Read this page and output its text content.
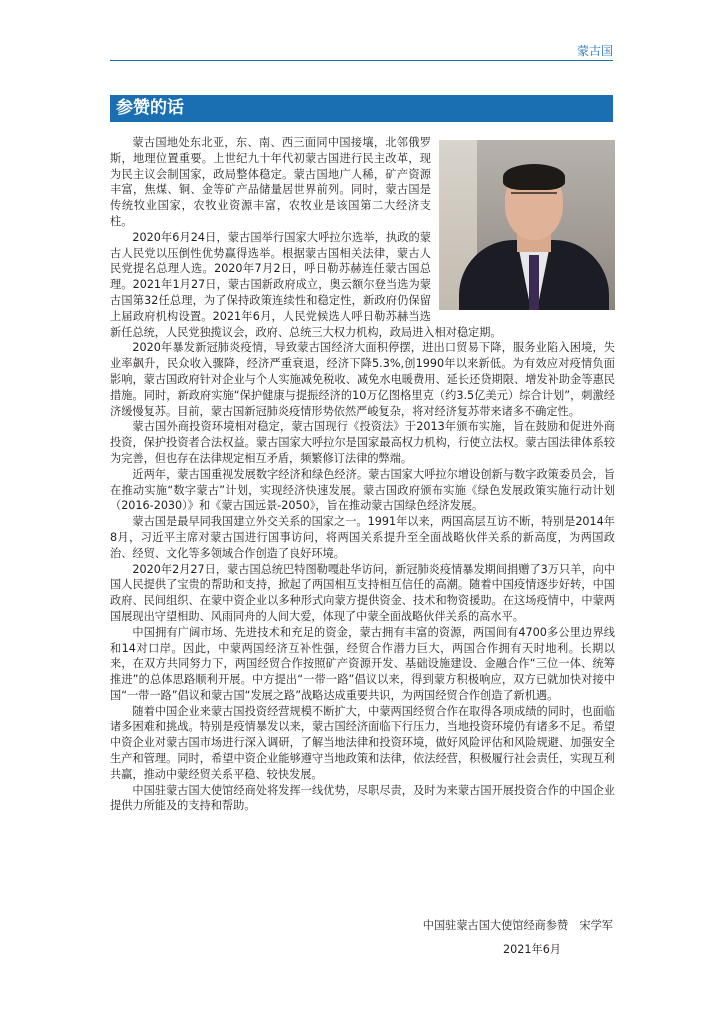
蒙古国
参赞的话

蒙古国地处东北亚，东、南、西三面同中国接壤，北邻俄罗斯，地理位置重要。上世纪九十年代初蒙古国进行民主改革，现为民主议会制国家，政局整体稳定。蒙古国地广人稀，矿产资源丰富，焦煤、铜、金等矿产品储量居世界前列。同时，蒙古国是传统牧业国家，农牧业资源丰富，农牧业是该国第二大经济支柱。

2020年6月24日，蒙古国举行国家大呼拉尔选举，执政的蒙古人民党以压倒性优势赢得选举。根据蒙古国相关法律，蒙古人民党提名总理人选。2020年7月2日，呼日勒苏赫连任蒙古国总理。2021年1月27日，蒙古国新政府成立，奥云额尔登当选为蒙古国第32任总理，为了保持政策连续性和稳定性，新政府仍保留上届政府机构设置。2021年6月，人民党候选人呼日勒苏赫当选新任总统，人民党独揽议会，政府、总统三大权力机构，政局进入相对稳定期。

2020年暴发新冠肺炎疫情，导致蒙古国经济大面积停摆，进出口贸易下降，服务业陷入困境，失业率飙升，民众收入骤降，经济严重衰退，经济下降5.3%,创1990年以来新低。为有效应对疫情负面影响，蒙古国政府针对企业与个人实施减免税收、减免水电暖费用、延长还贷期限、增发补助金等惠民措施。同时，新政府实施“保护健康与提振经济的10万亿图格里克（约3.5亿美元）综合计划”，刺激经济缓慢复苏。目前，蒙古国新冠肺炎疫情形势依然严峻复杂，将对经济复苏带来诸多不确定性。

蒙古国外商投资环境相对稳定，蒙古国现行《投资法》于2013年颁布实施，旨在鼓励和促进外商投资，保护投资者合法权益。蒙古国家大呼拉尔是国家最高权力机构，行使立法权。蒙古国法律体系较为完善，但也存在法律规定相互矛盾，频繁修订法律的弊端。

近两年，蒙古国重视发展数字经济和绿色经济。蒙古国家大呼拉尔增设创新与数字政策委员会，旨在推动实施“数字蒙古”计划，实现经济快速发展。蒙古国政府颁布实施《绿色发展政策实施行动计划（2016-2030）》和《蒙古国远景-2050》，旨在推动蒙古国绿色经济发展。

蒙古国是最早同我国建立外交关系的国家之一。1991年以来，两国高层互访不断，特别是2014年8月，习近平主席对蒙古国进行国事访问，将两国关系提升至全面战略伙伴关系的新高度，为两国政治、经贸、文化等多领域合作创造了良好环境。

2020年2月27日，蒙古国总统巴特图勒嘎赴华访问，新冠肺炎疫情暴发期间捐赠了3万只羊，向中国人民提供了宝贵的帮助和支持，掀起了两国相互支持相互信任的高潮。随着中国疫情逐步好转，中国政府、民间组织、在蒙中资企业以多种形式向蒙方提供资金、技术和物资援助。在这场疫情中，中蒙两国展现出守望相助、风雨同舟的人间大爱，体现了中蒙全面战略伙伴关系的高水平。

中国拥有广阔市场、先进技术和充足的资金，蒙古拥有丰富的资源，两国间有4700多公里边界线和14对口岸。因此，中蒙两国经济互补性强，经贸合作潜力巨大，两国合作拥有天时地利。长期以来，在双方共同努力下，两国经贸合作按照矿产资源开发、基础设施建设、金融合作“三位一体、统筹推进”的总体思路顺利开展。中方提出“一带一路”倡议以来，得到蒙方积极响应，双方已就加快对接中国“一带一路”倡议和蒙古国“发展之路”战略达成重要共识，为两国经贸合作创造了新机遇。

随着中国企业来蒙古国投资经营规模不断扩大，中蒙两国经贸合作在取得各项成绩的同时，也面临诸多困难和挑战。特别是疫情暴发以来，蒙古国经济面临下行压力，当地投资环境仍有诸多不足。希望中资企业对蒙古国市场进行深入调研，了解当地法律和投资环境，做好风险评估和风险规避、加强安全生产和管理。同时，希望中资企业能够遵守当地政策和法律，依法经营，积极履行社会责任，实现互利共赢，推动中蒙经贸关系平稳、较快发展。

中国驻蒙古国大使馆经商处将发挥一线优势，尽职尽责，及时为来蒙古国开展投资合作的中国企业提供力所能及的支持和帮助。

中国驻蒙古国大使馆经商参赞　宋学军
2021年6月
